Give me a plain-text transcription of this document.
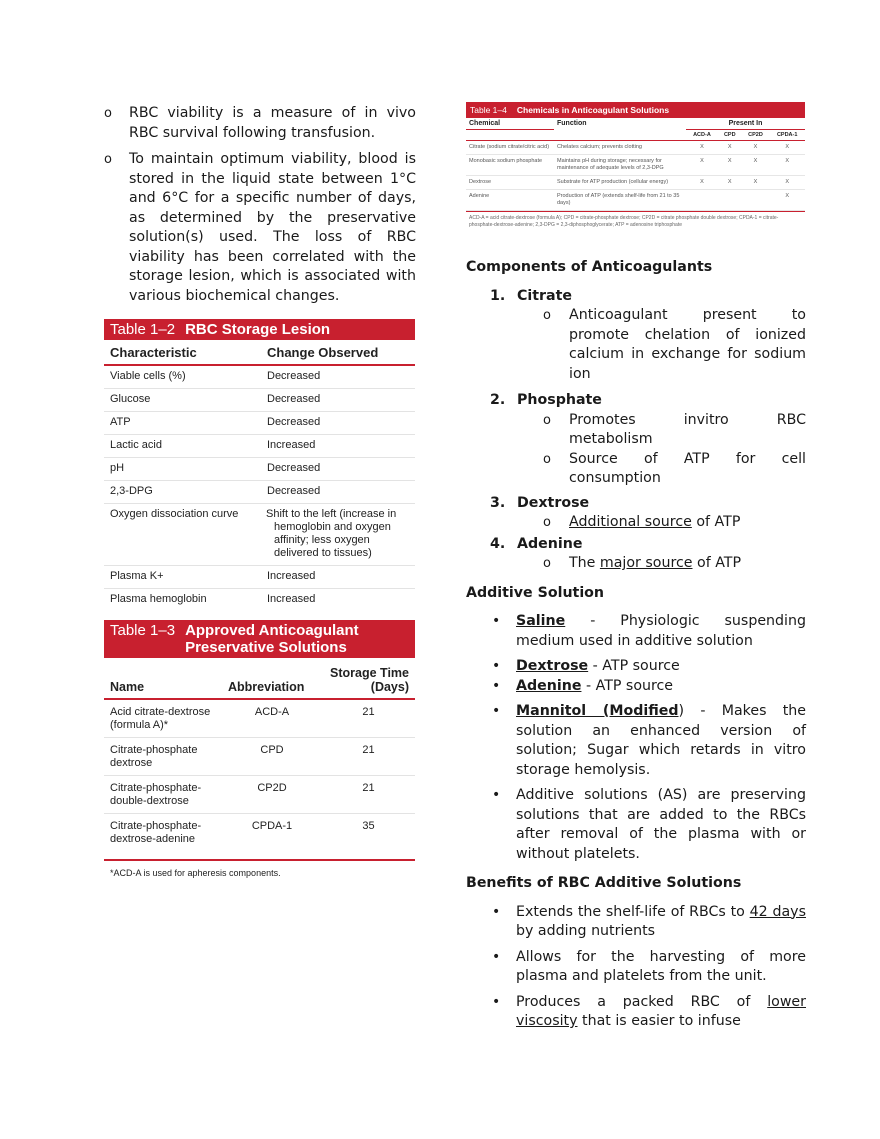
o RBC viability is a measure of in vivo RBC survival following transfusion.
o To maintain optimum viability, blood is stored in the liquid state between 1°C and 6°C for a specific number of days, as determined by the preservative solution(s) used. The loss of RBC viability has been correlated with the storage lesion, which is associated with various biochemical changes.
Table 1–2 RBC Storage Lesion
Characteristic	Change Observed
Viable cells (%)	Decreased
Glucose	Decreased
ATP	Decreased
Lactic acid	Increased
pH	Decreased
2,3-DPG	Decreased
Oxygen dissociation curve	Shift to the left (increase in hemoglobin and oxygen affinity; less oxygen delivered to tissues)
Plasma K+	Increased
Plasma hemoglobin	Increased
Table 1–3 Approved Anticoagulant
Preservative Solutions
Name	Abbreviation	Storage Time (Days)
Acid citrate-dextrose (formula A)*	ACD-A	21
Citrate-phosphate dextrose	CPD	21
Citrate-phosphate-double-dextrose	CP2D	21
Citrate-phosphate-dextrose-adenine	CPDA-1	35
*ACD-A is used for apheresis components.
Table 1–4 Chemicals in Anticoagulant Solutions
Chemical	Function	Present In			
		ACD-A	CPD	CP2D	CPDA-1
Citrate (sodium citrate/citric acid)	Chelates calcium; prevents clotting	X	X	X	X
Monobasic sodium phosphate	Maintains pH during storage; necessary for maintenance of adequate levels of 2,3-DPG	X	X	X	X
Dextrose	Substrate for ATP production (cellular energy)	X	X	X	X
Adenine	Production of ATP (extends shelf-life from 21 to 35 days)				X
ACD-A = acid citrate-dextrose (formula A); CPD = citrate-phosphate dextrose; CP2D = citrate phosphate double dextrose; CPDA-1 = citrate-phosphate-dextrose-adenine; 2,3-DPG = 2,3-diphosphoglycerate; ATP = adenosine triphosphate
Components of Anticoagulants
1. Citrate
o Anticoagulant present to promote chelation of ionized calcium in exchange for sodium ion
2. Phosphate
o Promotes invitro RBC metabolism
o Source of ATP for cell consumption
3. Dextrose
o Additional source of ATP
4. Adenine
o The major source of ATP
Additive Solution
• Saline - Physiologic suspending medium used in additive solution
• Dextrose - ATP source
• Adenine - ATP source
• Mannitol (Modified) - Makes the solution an enhanced version of solution; Sugar which retards in vitro storage hemolysis.
• Additive solutions (AS) are preserving solutions that are added to the RBCs after removal of the plasma with or without platelets.
Benefits of RBC Additive Solutions
• Extends the shelf-life of RBCs to 42 days by adding nutrients
• Allows for the harvesting of more plasma and platelets from the unit.
• Produces a packed RBC of lower viscosity that is easier to infuse
